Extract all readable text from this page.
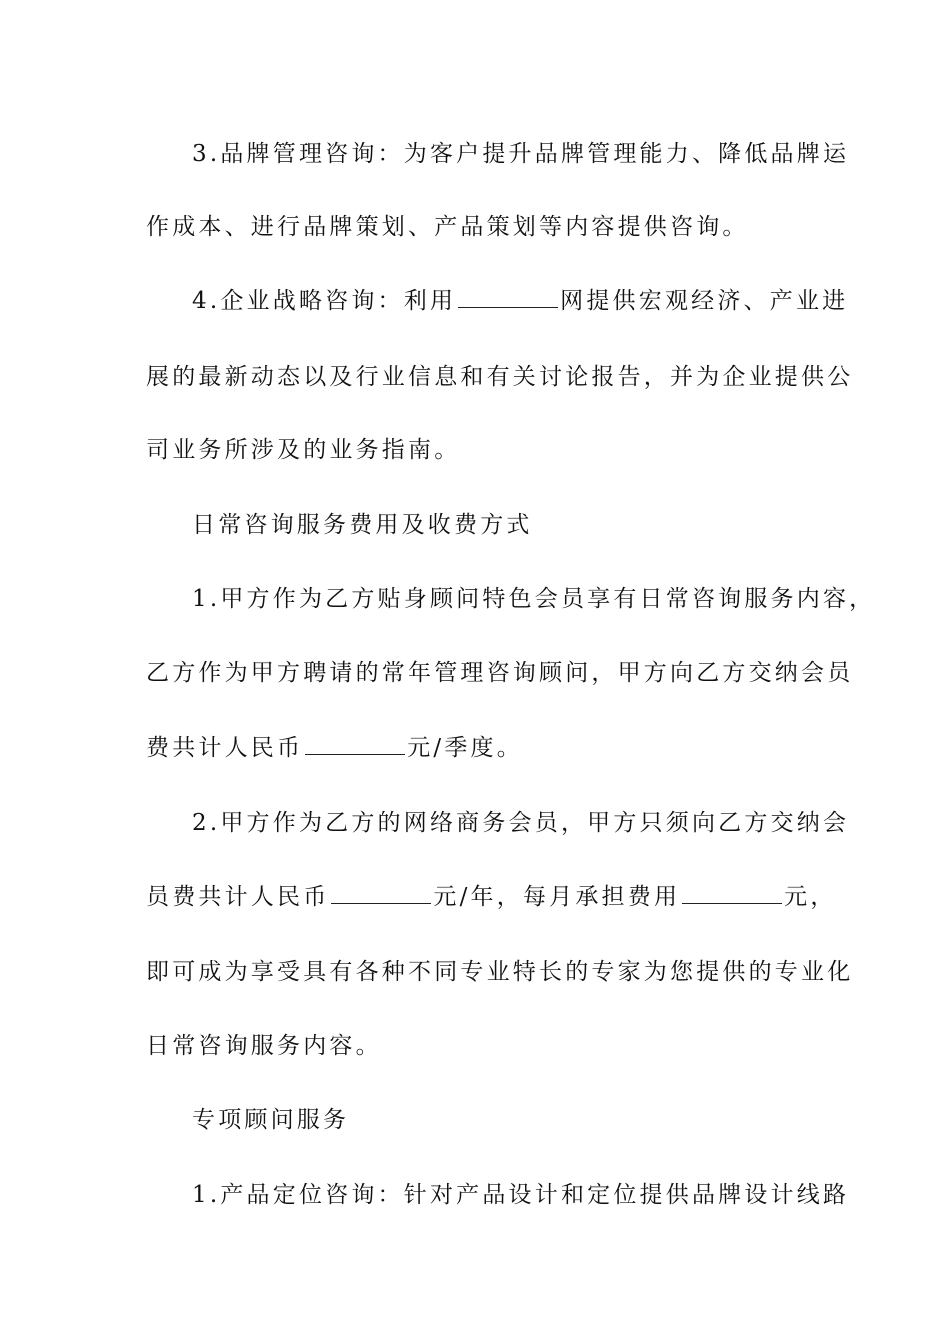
3.品牌管理咨询：为客户提升品牌管理能力、降低品牌运
作成本、进行品牌策划、产品策划等内容提供咨询。
4.企业战略咨询：利用	网提供宏观经济、产业进
展的最新动态以及行业信息和有关讨论报告，并为企业提供公
司业务所涉及的业务指南。
日常咨询服务费用及收费方式
1.甲方作为乙方贴身顾问特色会员享有日常咨询服务内容，
乙方作为甲方聘请的常年管理咨询顾问，甲方向乙方交纳会员
费共计人民币	元/季度。
2.甲方作为乙方的网络商务会员，甲方只须向乙方交纳会
员费共计人民币	元/年，每月承担费用	元，
即可成为享受具有各种不同专业特长的专家为您提供的专业化
日常咨询服务内容。
专项顾问服务
1.产品定位咨询：针对产品设计和定位提供品牌设计线路
